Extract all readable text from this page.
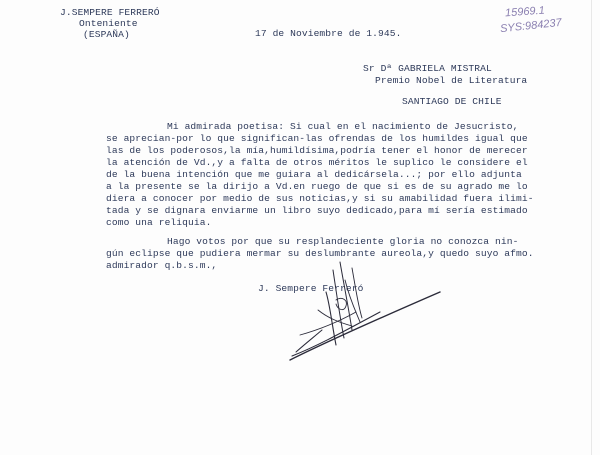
J.SEMPERE FERRERÓ
Onteniente
(ESPAÑA)	17 de Noviembre de 1.945.
15969.1
SYS:984237
Sr Dª GABRIELA MISTRAL
Premio Nobel de Literatura
SANTIAGO DE CHILE
Mi admirada poetisa: Si cual en el nacimiento de Jesucristo,
se aprecian-por lo que significan-las ofrendas de los humildes igual que
las de los poderosos,la mía,humildísima,podría tener el honor de merecer
la atención de Vd.,y a falta de otros méritos le suplico le considere el
de la buena intención que me guiara al dedicársela...; por ello adjunta
a la presente se la dirijo a Vd.en ruego de que si es de su agrado me lo
diera a conocer por medio de sus noticias,y si su amabilidad fuera ilimi-
tada y se dignara enviarme un libro suyo dedicado,para mí sería estimado
como una reliquia.
Hago votos por que su resplandeciente gloria no conozca nin-
gún eclipse que pudiera mermar su deslumbrante aureola,y quedo suyo afmo.
admirador q.b.s.m.,
J. Sempere Ferreró
